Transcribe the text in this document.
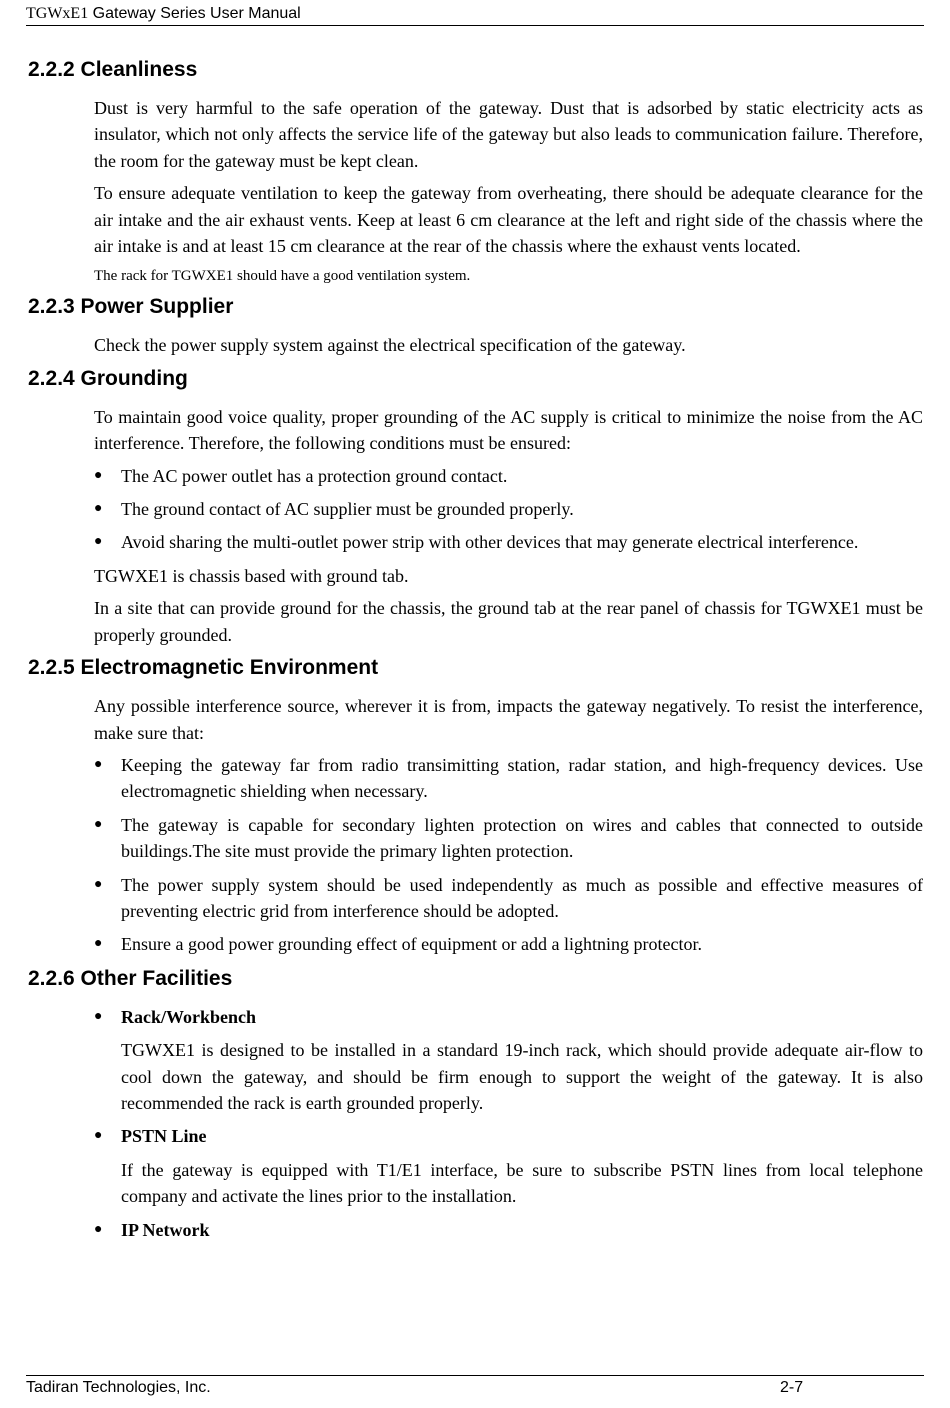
TGWxE1 Gateway Series User Manual
2.2.2 Cleanliness

Dust is very harmful to the safe operation of the gateway. Dust that is adsorbed by static electricity acts as insulator, which not only affects the service life of the gateway but also leads to communication failure. Therefore, the room for the gateway must be kept clean.

To ensure adequate ventilation to keep the gateway from overheating, there should be adequate clearance for the air intake and the air exhaust vents. Keep at least 6 cm clearance at the left and right side of the chassis where the air intake is and at least 15 cm clearance at the rear of the chassis where the exhaust vents located.

The rack for TGWXE1 should have a good ventilation system.

2.2.3 Power Supplier

Check the power supply system against the electrical specification of the gateway.

2.2.4 Grounding

To maintain good voice quality, proper grounding of the AC supply is critical to minimize the noise from the AC interference. Therefore, the following conditions must be ensured:

● The AC power outlet has a protection ground contact.
● The ground contact of AC supplier must be grounded properly.
● Avoid sharing the multi-outlet power strip with other devices that may generate electrical interference.

TGWXE1 is chassis based with ground tab.

In a site that can provide ground for the chassis, the ground tab at the rear panel of chassis for TGWXE1 must be properly grounded.

2.2.5 Electromagnetic Environment

Any possible interference source, wherever it is from, impacts the gateway negatively. To resist the interference, make sure that:

● Keeping the gateway far from radio transimitting station, radar station, and high-frequency devices. Use electromagnetic shielding when necessary.
● The gateway is capable for secondary lighten protection on wires and cables that connected to outside buildings.The site must provide the primary lighten protection.
● The power supply system should be used independently as much as possible and effective measures of preventing electric grid from interference should be adopted.
● Ensure a good power grounding effect of equipment or add a lightning protector.
2.2.6 Other Facilities
● Rack/Workbench
TGWXE1 is designed to be installed in a standard 19-inch rack, which should provide adequate air-flow to cool down the gateway, and should be firm enough to support the weight of the gateway. It is also recommended the rack is earth grounded properly.
● PSTN Line
If the gateway is equipped with T1/E1 interface, be sure to subscribe PSTN lines from local telephone company and activate the lines prior to the installation.
● IP Network
Tadiran Technologies, Inc.	2-7
